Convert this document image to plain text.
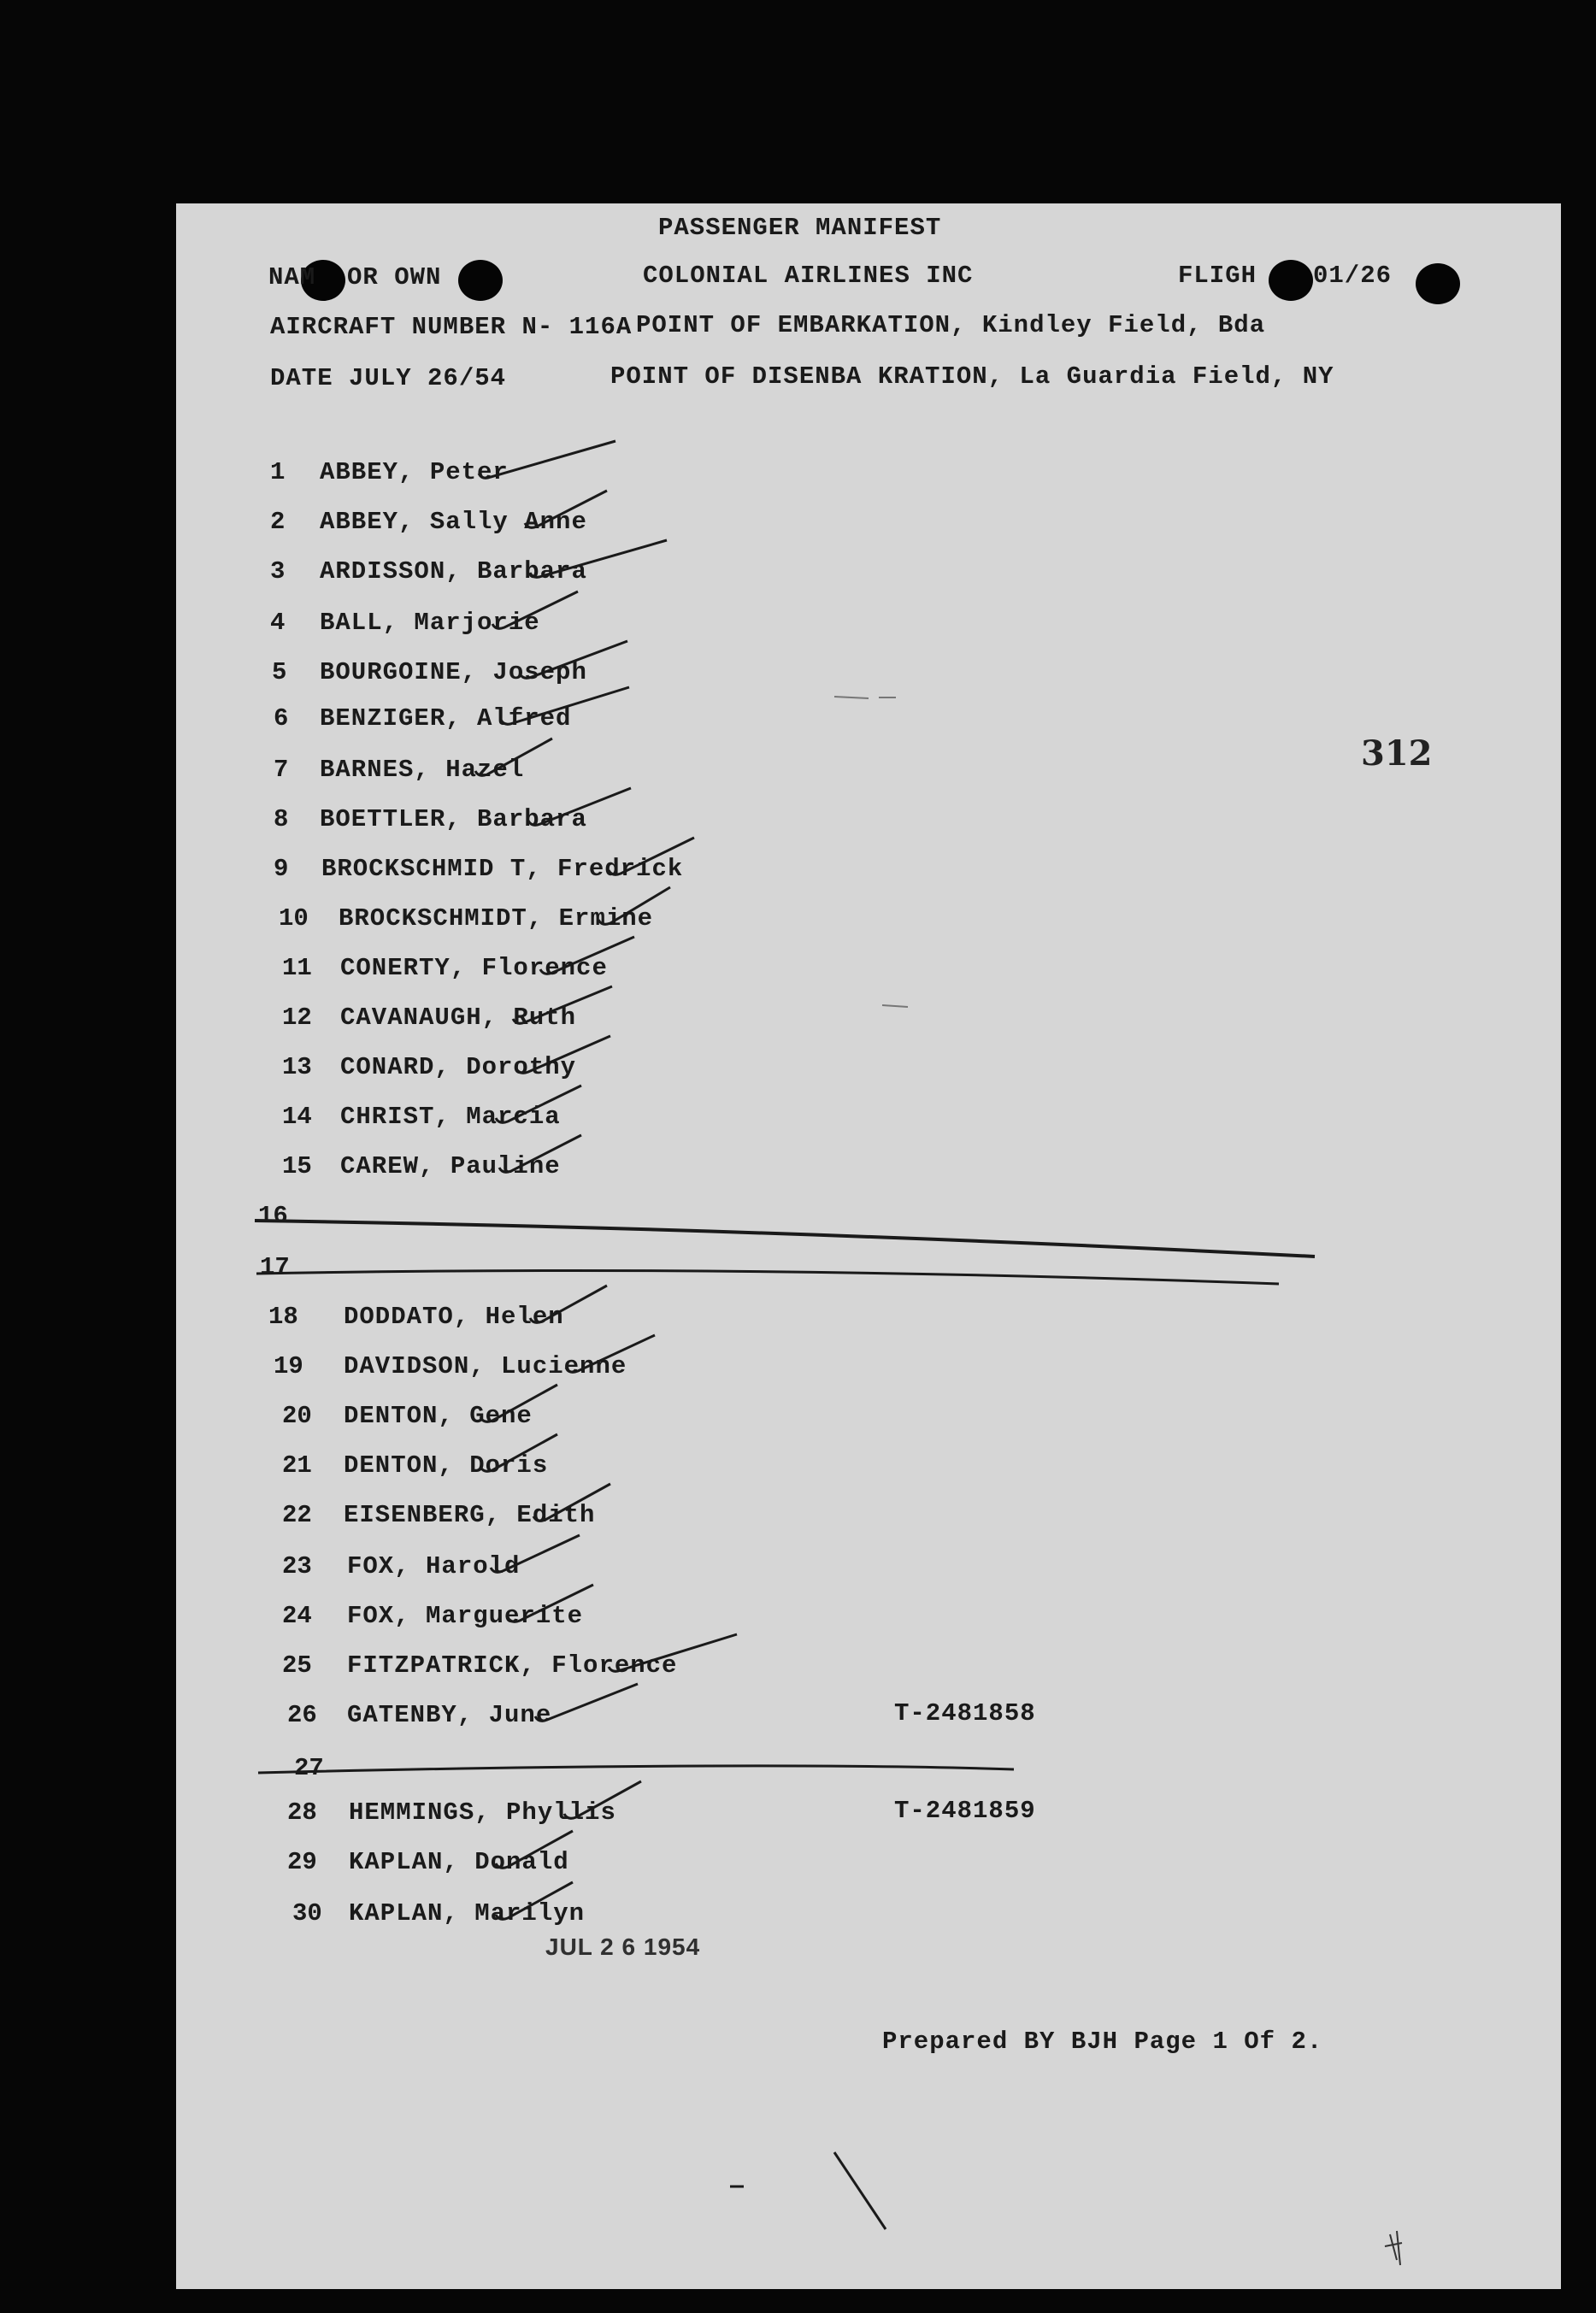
PASSENGER MANIFEST
NAM OR OWN	COLONIAL AIRLINES INC	FLIGH 01/26
AIRCRAFT NUMBER N- 116A POINT OF EMBARKATION, Kindley Field, Bda
DATE JULY 26/54	POINT OF DISENBA KRATION, La Guardia Field, NY
312
1 ABBEY, Peter
2 ABBEY, Sally Anne
3 ARDISSON, Barbara
4 BALL, Marjorie
5 BOURGOINE, Joseph
6 BENZIGER, Alfred
7 BARNES, Hazel
8 BOETTLER, Barbara
9 BROCKSCHMID T, Fredrick
10 BROCKSCHMIDT, Ermine
11 CONERTY, Florence
12 CAVANAUGH, Ruth
13 CONARD, Dorothy
14 CHRIST, Marcia
15 CAREW, Pauline
16
17
18 DODDATO, Helen
19 DAVIDSON, Lucienne
20 DENTON, Gene
21 DENTON, Doris
22 EISENBERG, Edith
23 FOX, Harold
24 FOX, Marguerite
25 FITZPATRICK, Florence
26 GATENBY, June	T-2481858
27
28 HEMMINGS, Phyllis	T-2481859
29 KAPLAN, Donald
30 KAPLAN, Marilyn
JUL 2 6 1954
Prepared BY BJH Page 1 Of 2.
